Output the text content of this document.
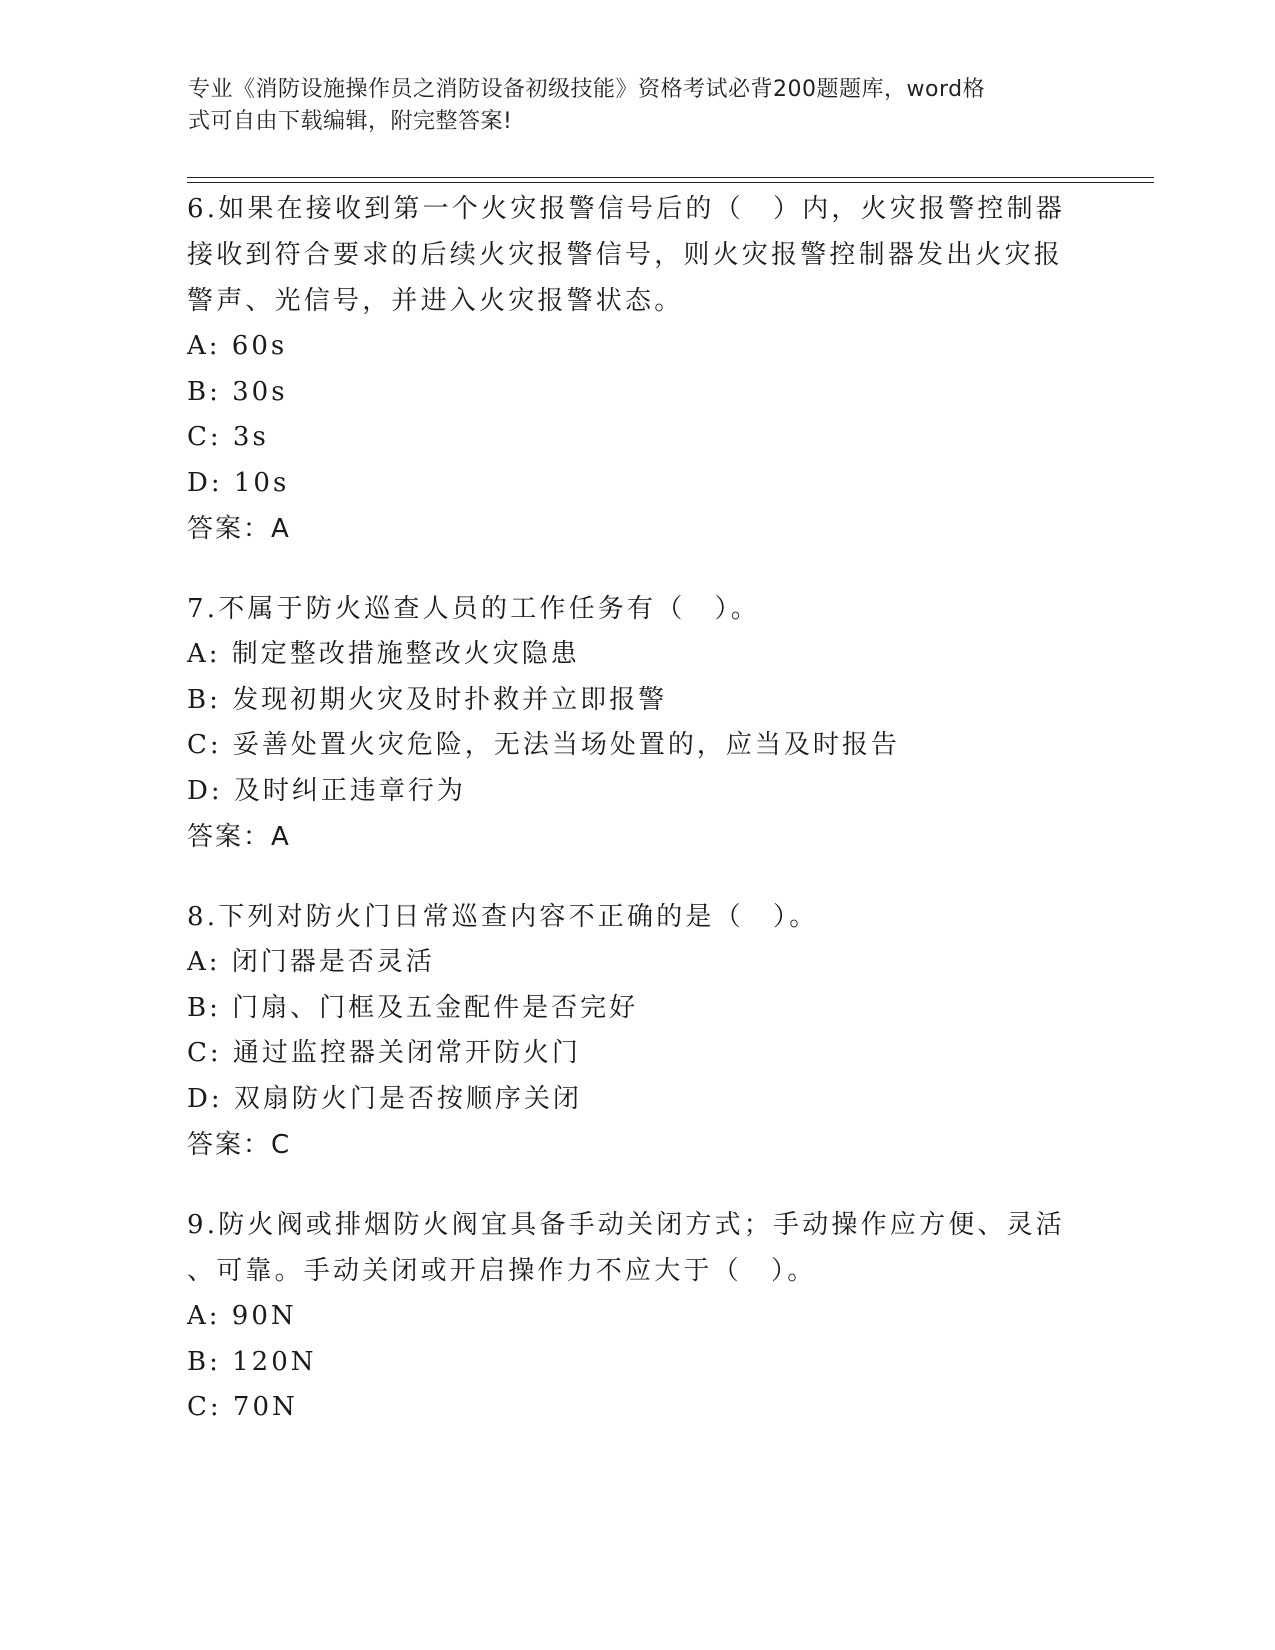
专业《消防设施操作员之消防设备初级技能》资格考试必背200题题库，word格
式可自由下载编辑，附完整答案!

6.如果在接收到第一个火灾报警信号后的（　）内，火灾报警控制器

接收到符合要求的后续火灾报警信号，则火灾报警控制器发出火灾报

警声、光信号，并进入火灾报警状态。

A: 60s

B: 30s

C: 3s

D: 10s

答案：A

7.不属于防火巡查人员的工作任务有（　）。

A: 制定整改措施整改火灾隐患

B: 发现初期火灾及时扑救并立即报警

C: 妥善处置火灾危险，无法当场处置的，应当及时报告

D: 及时纠正违章行为

答案：A

8.下列对防火门日常巡查内容不正确的是（　）。

A: 闭门器是否灵活

B: 门扇、门框及五金配件是否完好

C: 通过监控器关闭常开防火门

D: 双扇防火门是否按顺序关闭

答案：C

9.防火阀或排烟防火阀宜具备手动关闭方式；手动操作应方便、灵活

、可靠。手动关闭或开启操作力不应大于（　）。

A: 90N

B: 120N

C: 70N
